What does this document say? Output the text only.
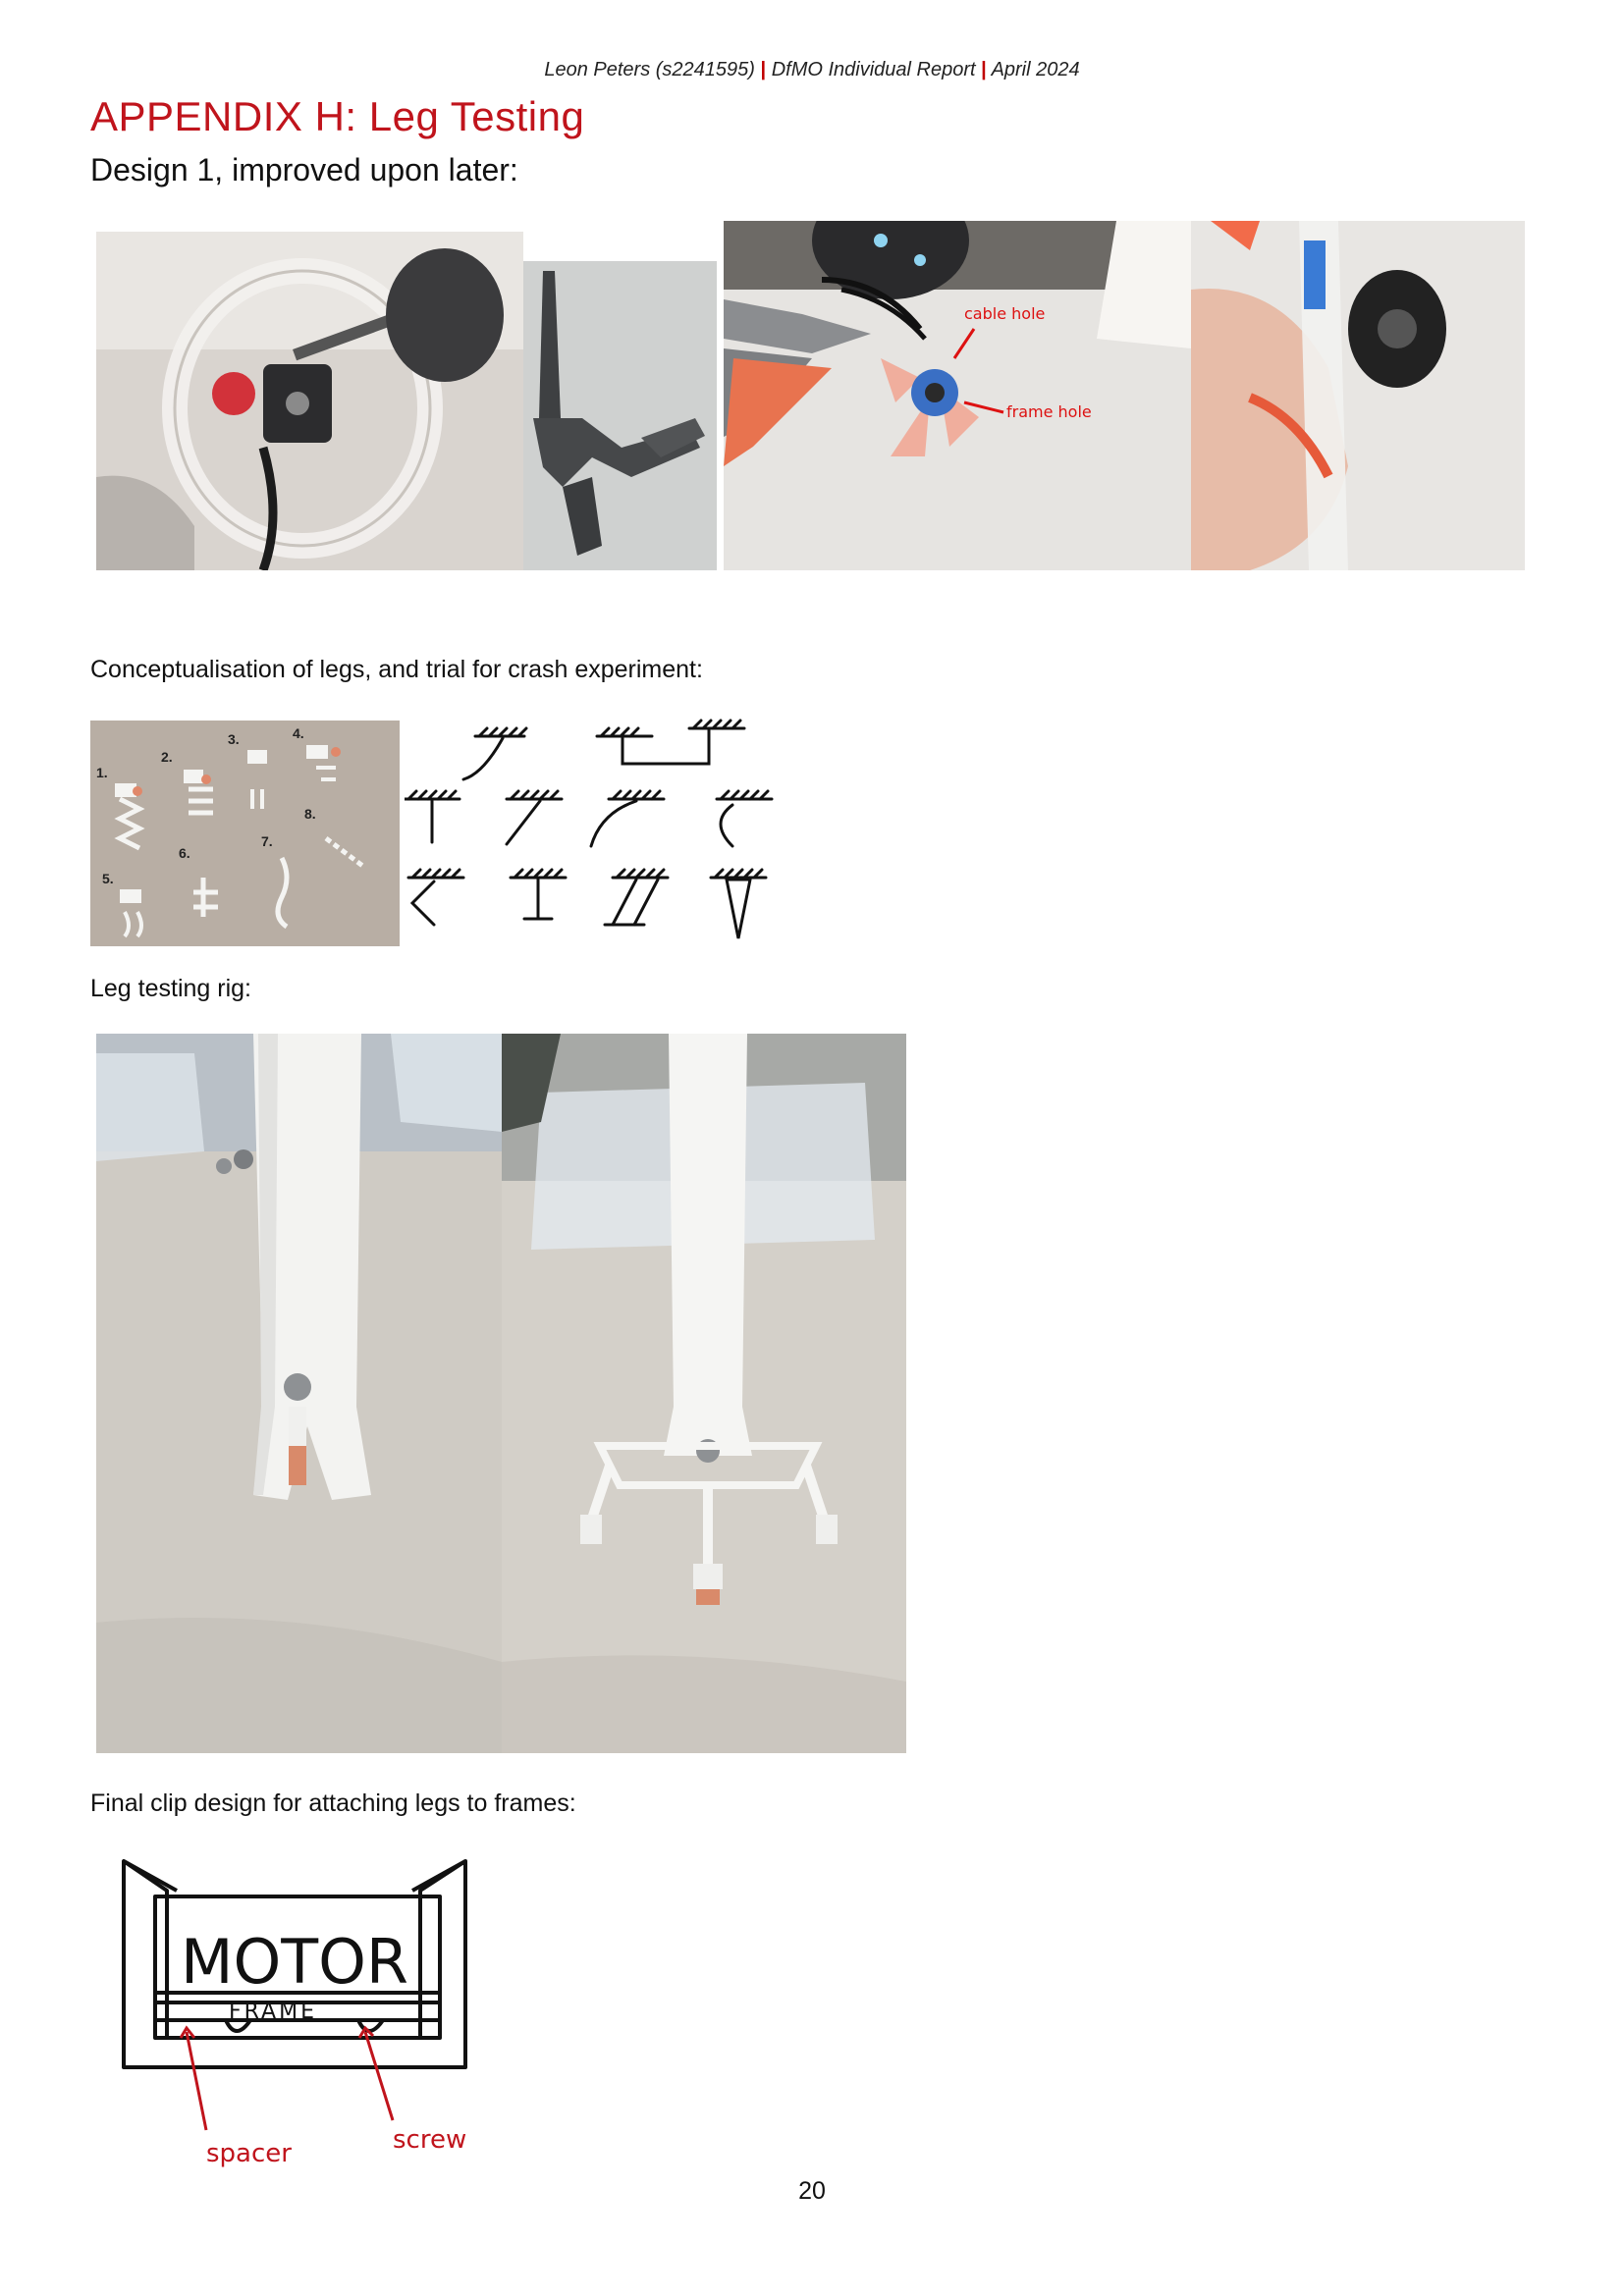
Leon Peters (s2241595) | DfMO Individual Report | April 2024
APPENDIX H: Leg Testing
Design 1, improved upon later:
cable hole
frame hole
Conceptualisation of legs, and trial for crash experiment:
1.
2.
3.	4.
8.
6.
7.
5.
Leg testing rig:
Final clip design for attaching legs to frames:
MOTOR
FRAME
spacer	screw
20
